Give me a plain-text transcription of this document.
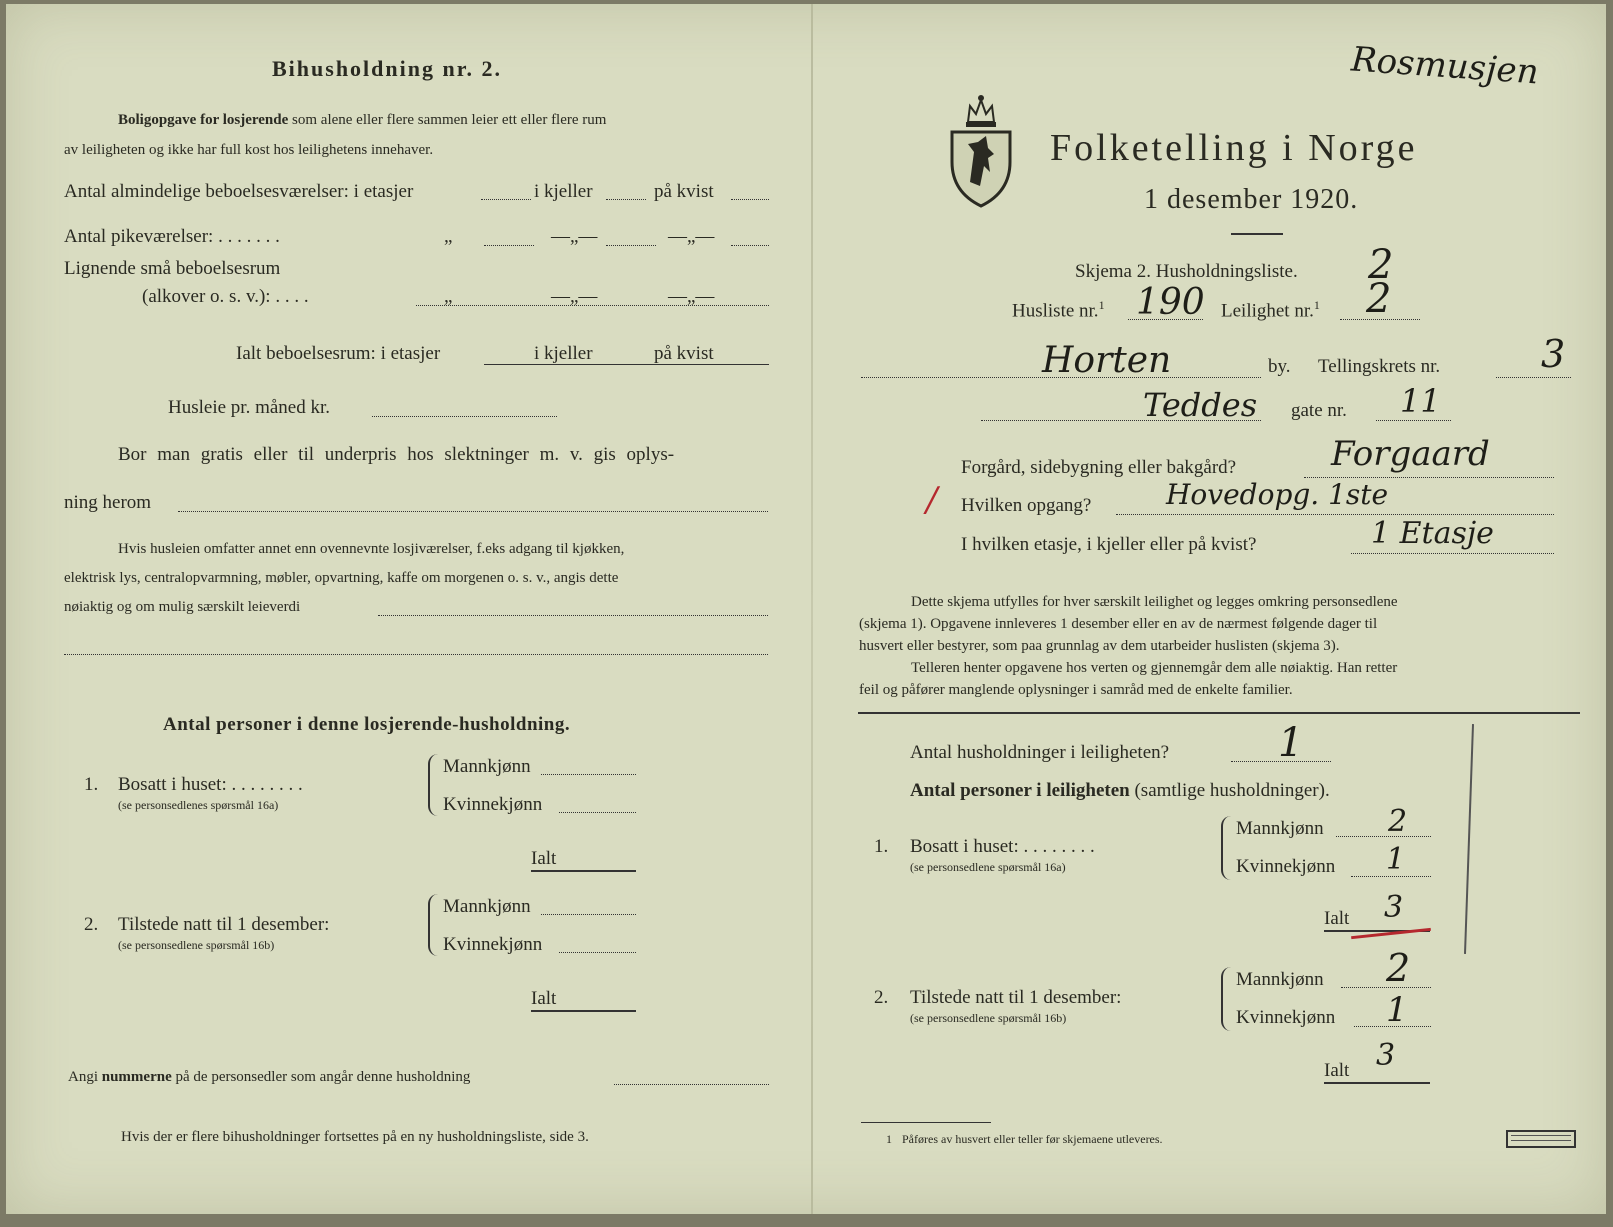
Bihusholdning nr. 2.
Boligopgave for losjerende som alene eller flere sammen leier ett eller flere rum
av leiligheten og ikke har full kost hos leilighetens innehaver.
Antal almindelige beboelsesværelser: i etasjer	i kjeller	på kvist
Antal pikeværelser: . . . . . . .	„	—„—	—„—
Lignende små beboelsesrum
(alkover o. s. v.): . . . .	„	—„—	—„—
Ialt beboelsesrum: i etasjer	i kjeller	på kvist
Husleie pr. måned kr.
Bor man gratis eller til underpris hos slektninger m. v. gis oplys-
ning herom
Hvis husleien omfatter annet enn ovennevnte losjiværelser, f.eks adgang til kjøkken,
elektrisk lys, centralopvarmning, møbler, opvartning, kaffe om morgenen o. s. v., angis dette
nøiaktig og om mulig særskilt leieverdi
Antal personer i denne losjerende-husholdning.
1. Bosatt i huset: . . . . . . . .
(se personsedlenes spørsmål 16a)
Mannkjønn
Kvinnekjønn
Ialt
2. Tilstede natt til 1 desember:
(se personsedlene spørsmål 16b)
Mannkjønn
Kvinnekjønn
Ialt
Angi nummerne på de personsedler som angår denne husholdning
Hvis der er flere bihusholdninger fortsettes på en ny husholdningsliste, side 3.
Rosmusjen
Folketelling i Norge
1 desember 1920.
Skjema 2. Husholdningsliste. 2
Husliste nr.$^1$ 190 Leilighet nr.$^1$ 2
Horten	by. Tellingskrets nr.	3
Teddes gate nr. 11
Forgård, sidebygning eller bakgård?	Forgaard
/ Hvilken opgang?	Hovedopg. 1ste
I hvilken etasje, i kjeller eller på kvist?	1 Etasje
Dette skjema utfylles for hver særskilt leilighet og legges omkring personsedlene
(skjema 1). Opgavene innleveres 1 desember eller en av de nærmest følgende dager til
husvert eller bestyrer, som paa grunnlag av dem utarbeider huslisten (skjema 3).
Telleren henter opgavene hos verten og gjennemgår dem alle nøiaktig. Han retter
feil og påfører manglende oplysninger i samråd med de enkelte familier.
Antal husholdninger i leiligheten?	1
Antal personer i leiligheten (samtlige husholdninger).
1. Bosatt i huset: . . . . . . . .
(se personsedlene spørsmål 16a)
Mannkjønn 2
Kvinnekjønn 1
Ialt 3
2. Tilstede natt til 1 desember:
(se personsedlene spørsmål 16b)
Mannkjønn 2
Kvinnekjønn 1
Ialt 3
1 Påføres av husvert eller teller før skjemaene utleveres.
